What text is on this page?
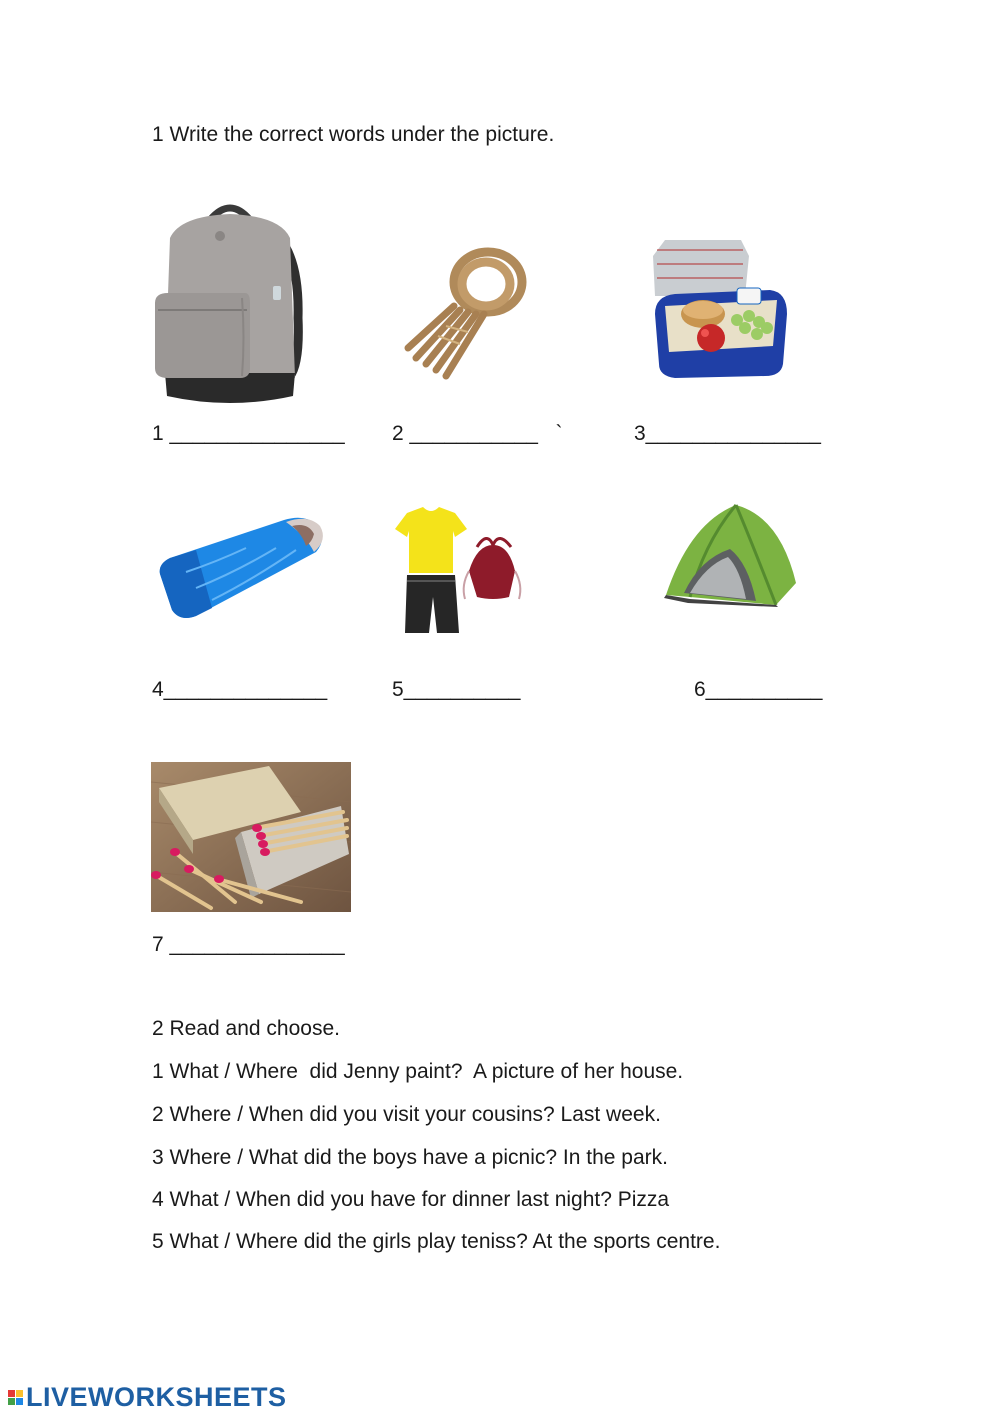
1 Write the correct words under the picture.
1 _______________ 2 ___________   `	3_______________
4______________	5__________	6__________
7 _______________
2 Read and choose.
1 What / Where  did Jenny paint?  A picture of her house.
2 Where / When did you visit your cousins? Last week.
3 Where / What did the boys have a picnic? In the park.
4 What / When did you have for dinner last night? Pizza
5 What / Where did the girls play teniss? At the sports centre.
LIVEWORKSHEETS
